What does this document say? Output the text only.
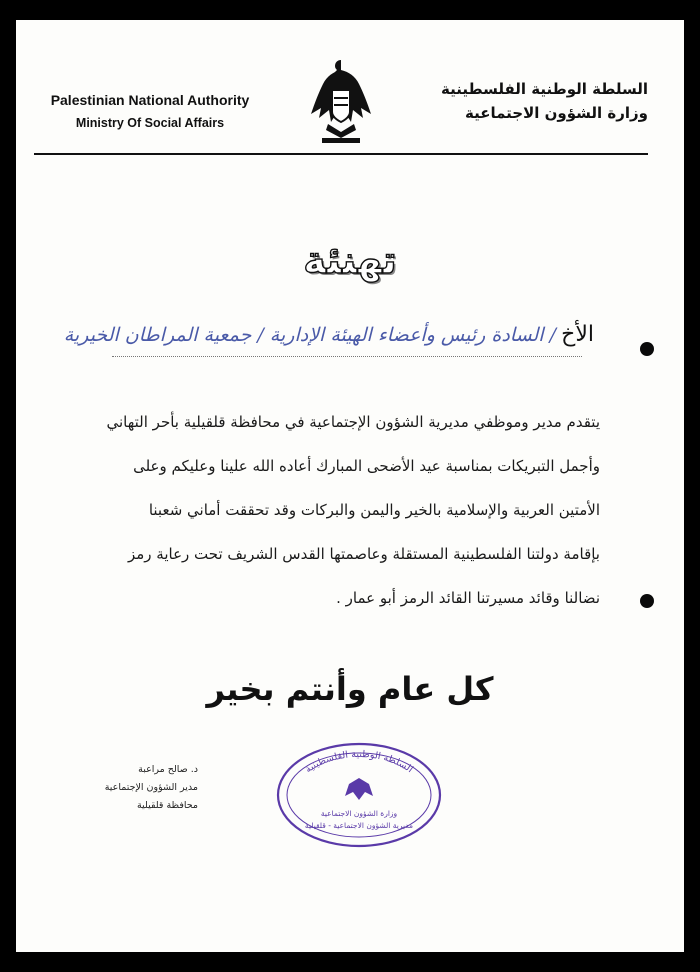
Palestinian National Authority
Ministry Of Social Affairs
السلطة الوطنية الفلسطينية
وزارة الشؤون الاجتماعية
تهنئة
الأخ / السادة رئيس وأعضاء الهيئة الإدارية / جمعية المراطان الخيرية
يتقدم مدير وموظفي مديرية الشؤون الإجتماعية في محافظة قلقيلية بأحر التهاني
وأجمل التبريكات بمناسبة عيد الأضحى المبارك أعاده الله علينا وعليكم وعلى
الأمتين العربية والإسلامية بالخير واليمن والبركات وقد تحققت أماني شعبنا
بإقامة دولتنا الفلسطينية المستقلة وعاصمتها القدس الشريف تحت رعاية رمز
نضالنا وقائد مسيرتنا القائد الرمز أبو عمار .
كل عام وأنتم بخير
د. صالح مراعبة
مدير الشؤون الإجتماعية
محافظة قلقيلية
السلطة الوطنية الفلسطينية
وزارة الشؤون الاجتماعية
مديرية الشؤون الاجتماعية - قلقيلية
